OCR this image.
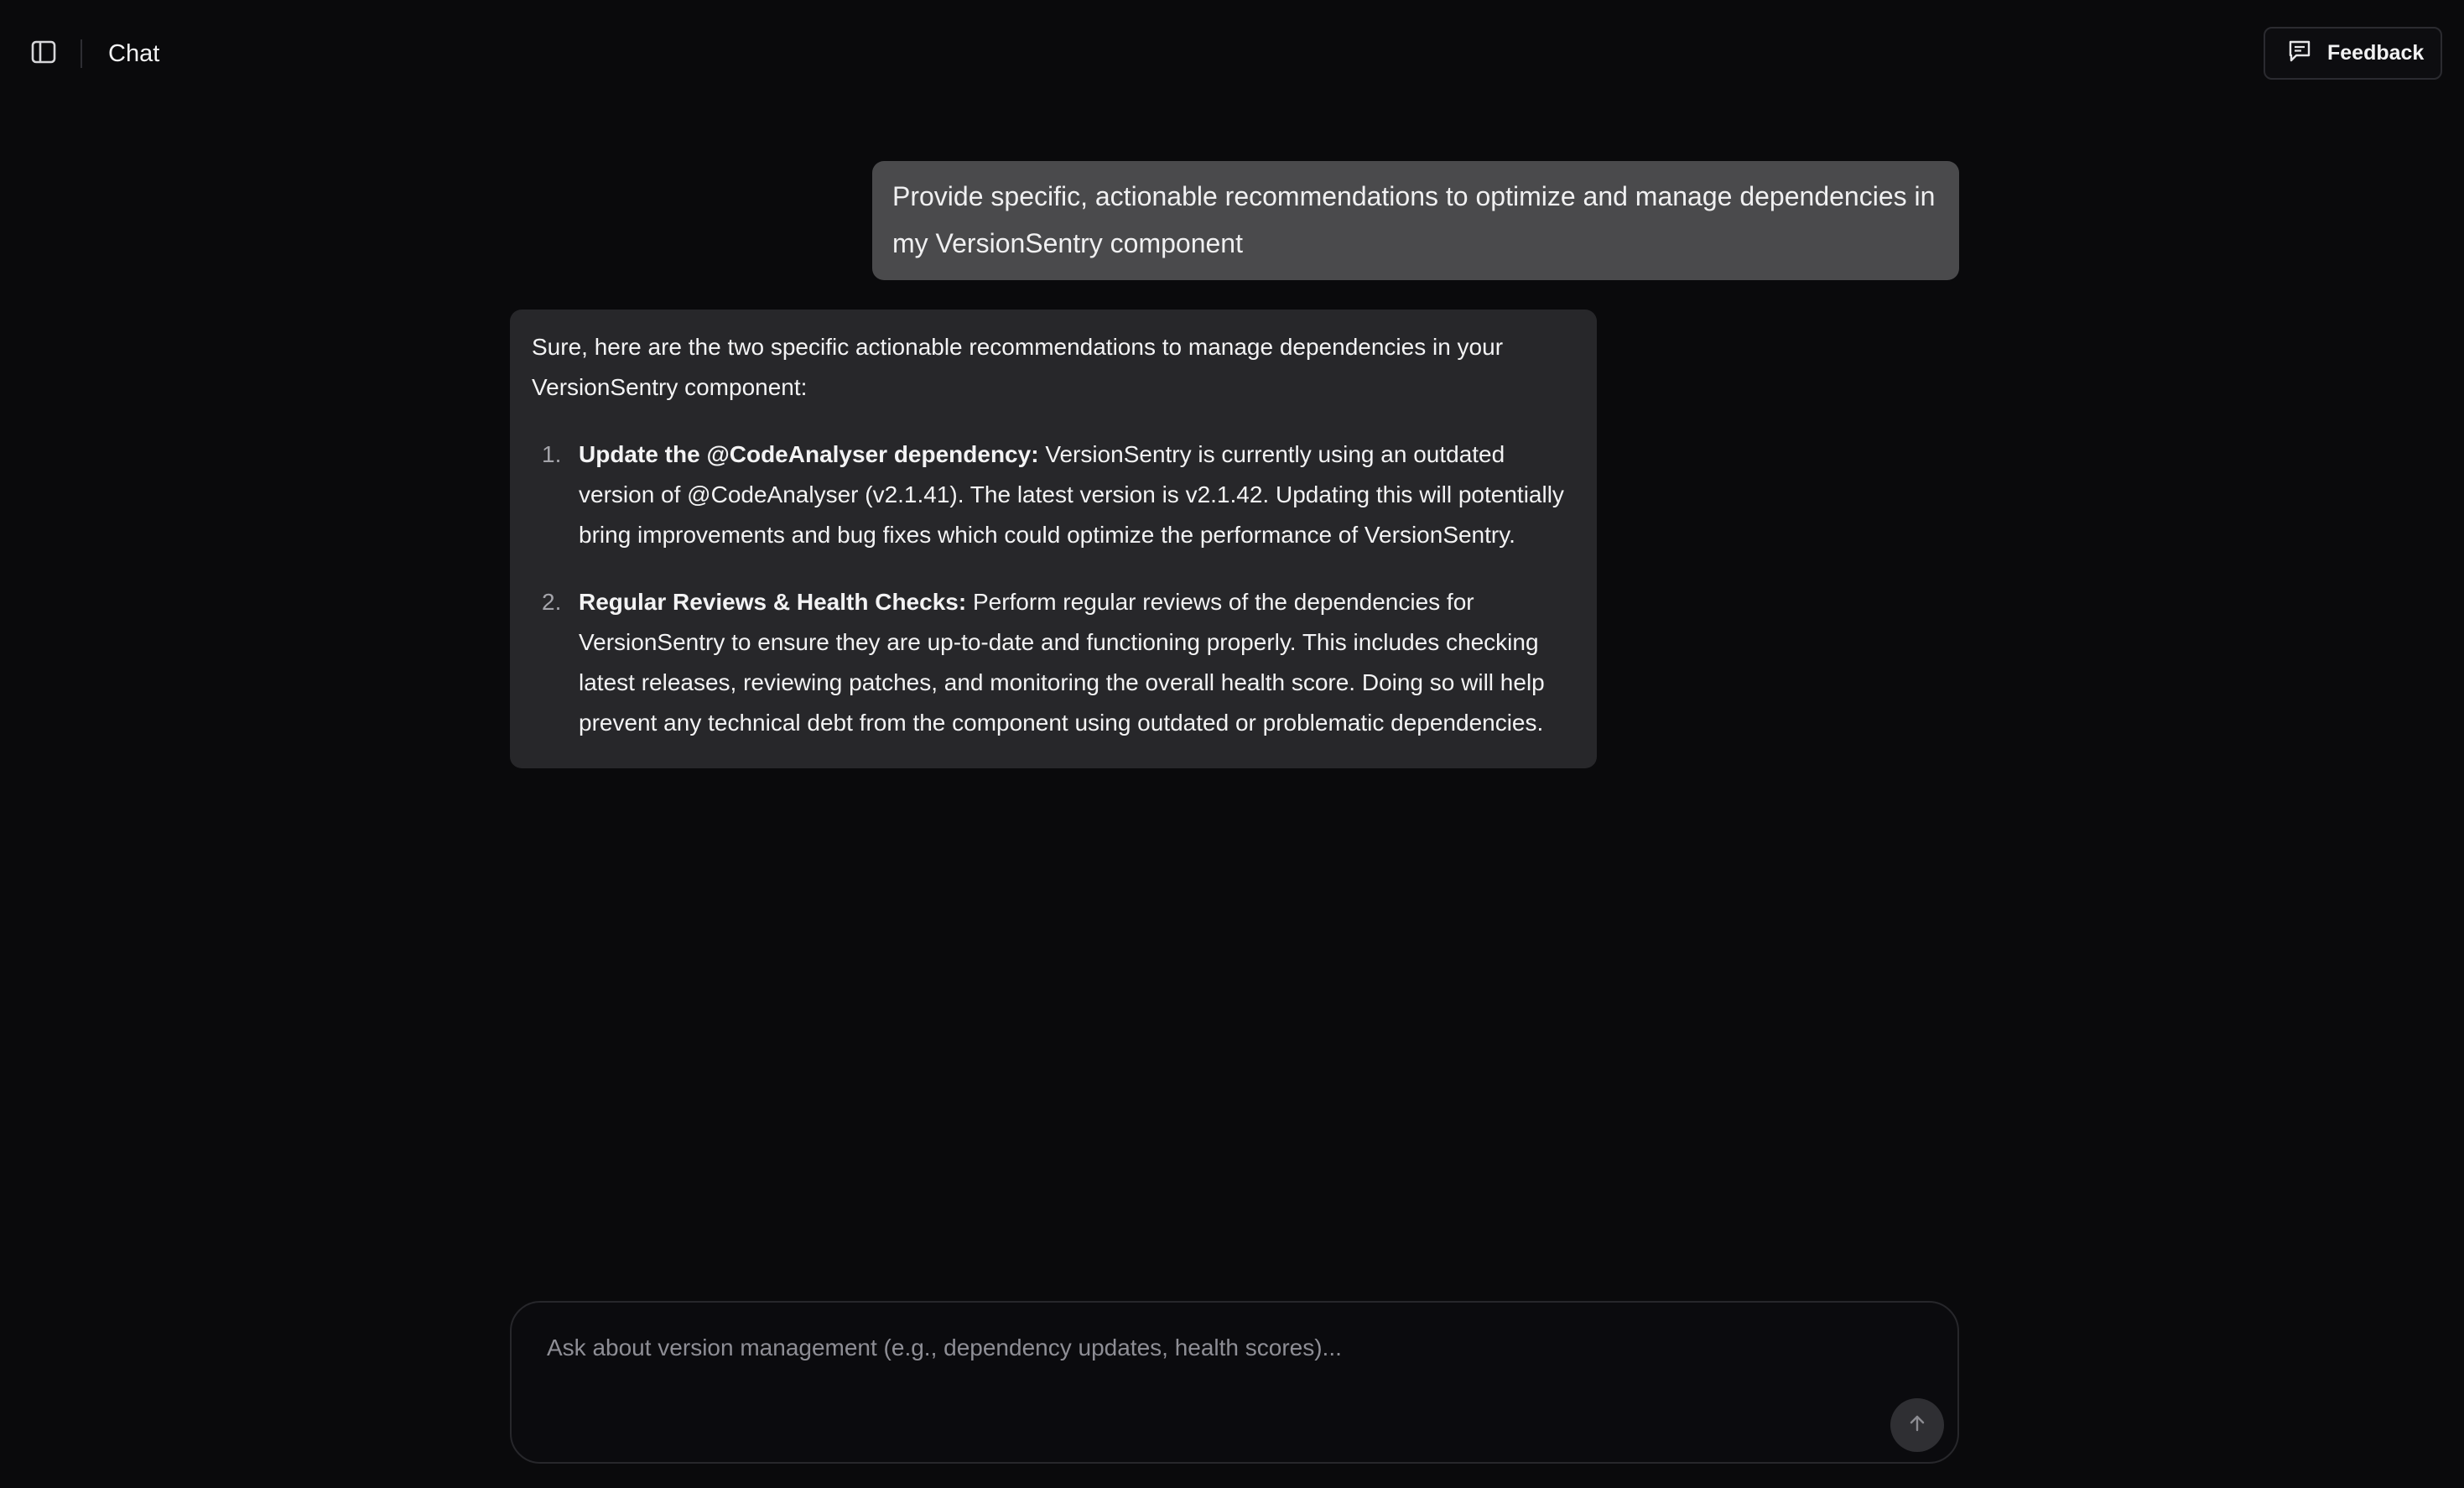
Chat	Feedback
Provide specific, actionable recommendations to optimize and manage dependencies in my VersionSentry component

Sure, here are the two specific actionable recommendations to manage dependencies in your VersionSentry component:

1. Update the @CodeAnalyser dependency: VersionSentry is currently using an outdated version of @CodeAnalyser (v2.1.41). The latest version is v2.1.42. Updating this will potentially bring improvements and bug fixes which could optimize the performance of VersionSentry.
2. Regular Reviews & Health Checks: Perform regular reviews of the dependencies for VersionSentry to ensure they are up-to-date and functioning properly. This includes checking latest releases, reviewing patches, and monitoring the overall health score. Doing so will help prevent any technical debt from the component using outdated or problematic dependencies.
Ask about version management (e.g., dependency updates, health scores)...
